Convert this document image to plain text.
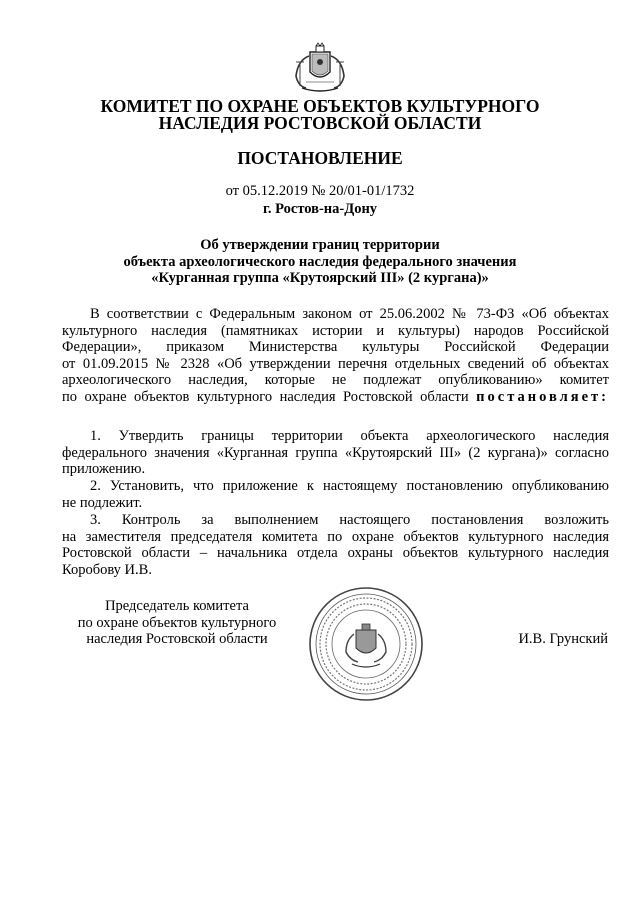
КОМИТЕТ ПО ОХРАНЕ ОБЪЕКТОВ КУЛЬТУРНОГО
НАСЛЕДИЯ РОСТОВСКОЙ ОБЛАСТИ
ПОСТАНОВЛЕНИЕ
от 05.12.2019 № 20/01-01/1732
г. Ростов-на-Дону
Об утверждении границ территории
объекта археологического наследия федерального значения
«Курганная группа «Крутоярский III» (2 кургана)»
В соответствии с Федеральным законом от 25.06.2002 № 73-ФЗ «Об объектах
культурного наследия (памятниках истории и культуры) народов Российской
Федерации», приказом Министерства культуры Российской Федерации
от 01.09.2015 № 2328 «Об утверждении перечня отдельных сведений об объектах
археологического наследия, которые не подлежат опубликованию» комитет
по охране объектов культурного наследия Ростовской области постановляет:
1. Утвердить границы территории объекта археологического наследия
федерального значения «Курганная группа «Крутоярский III» (2 кургана)» согласно
приложению.
2. Установить, что приложение к настоящему постановлению опубликованию
не подлежит.
3. Контроль за выполнением настоящего постановления возложить
на заместителя председателя комитета по охране объектов культурного наследия
Ростовской области – начальника отдела охраны объектов культурного наследия
Коробову И.В.
Председатель комитета
по охране объектов культурного
наследия Ростовской области	И.В. Грунский
